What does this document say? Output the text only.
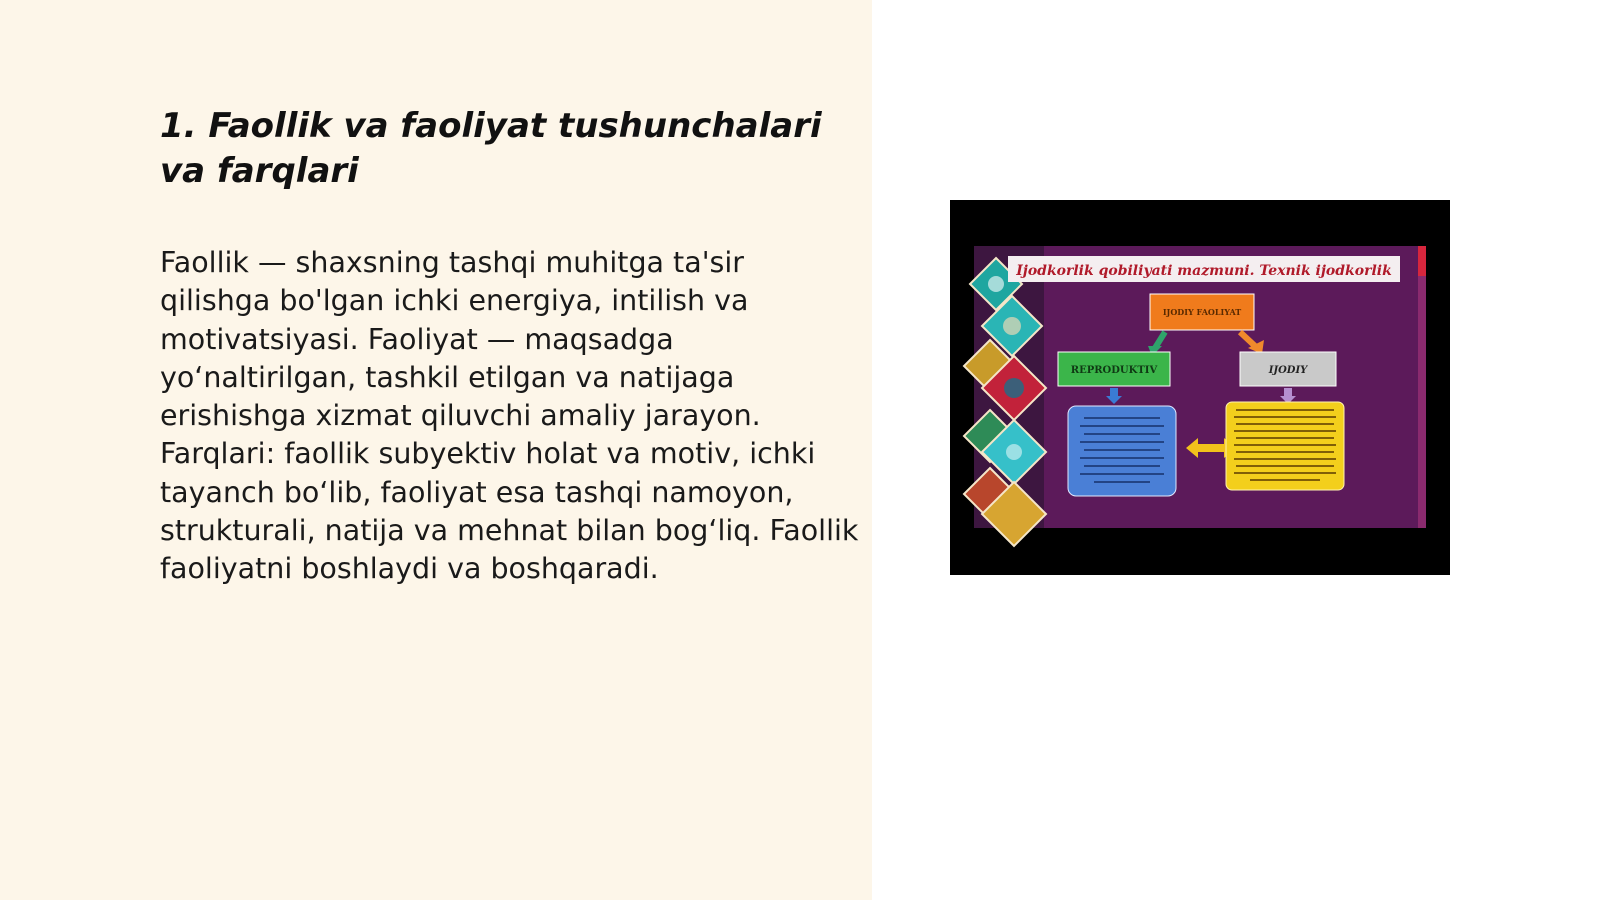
1. Faollik va faoliyat tushunchalari va farqlari

Faollik — shaxsning tashqi muhitga ta'sir qilishga bo'lgan ichki energiya, intilish va motivatsiyasi. Faoliyat — maqsadga yo‘naltirilgan, tashkil etilgan va natijaga erishishga xizmat qiluvchi amaliy jarayon. Farqlari: faollik subyektiv holat va motiv, ichki tayanch bo‘lib, faoliyat esa tashqi namoyon, strukturali, natija va mehnat bilan bog‘liq. Faollik faoliyatni boshlaydi va boshqaradi.

Ijodkorlik qobiliyati mazmuni. Texnik ijodkorlik
IJODIY FAOLIYAT
REPRODUKTIV	IJODIY
